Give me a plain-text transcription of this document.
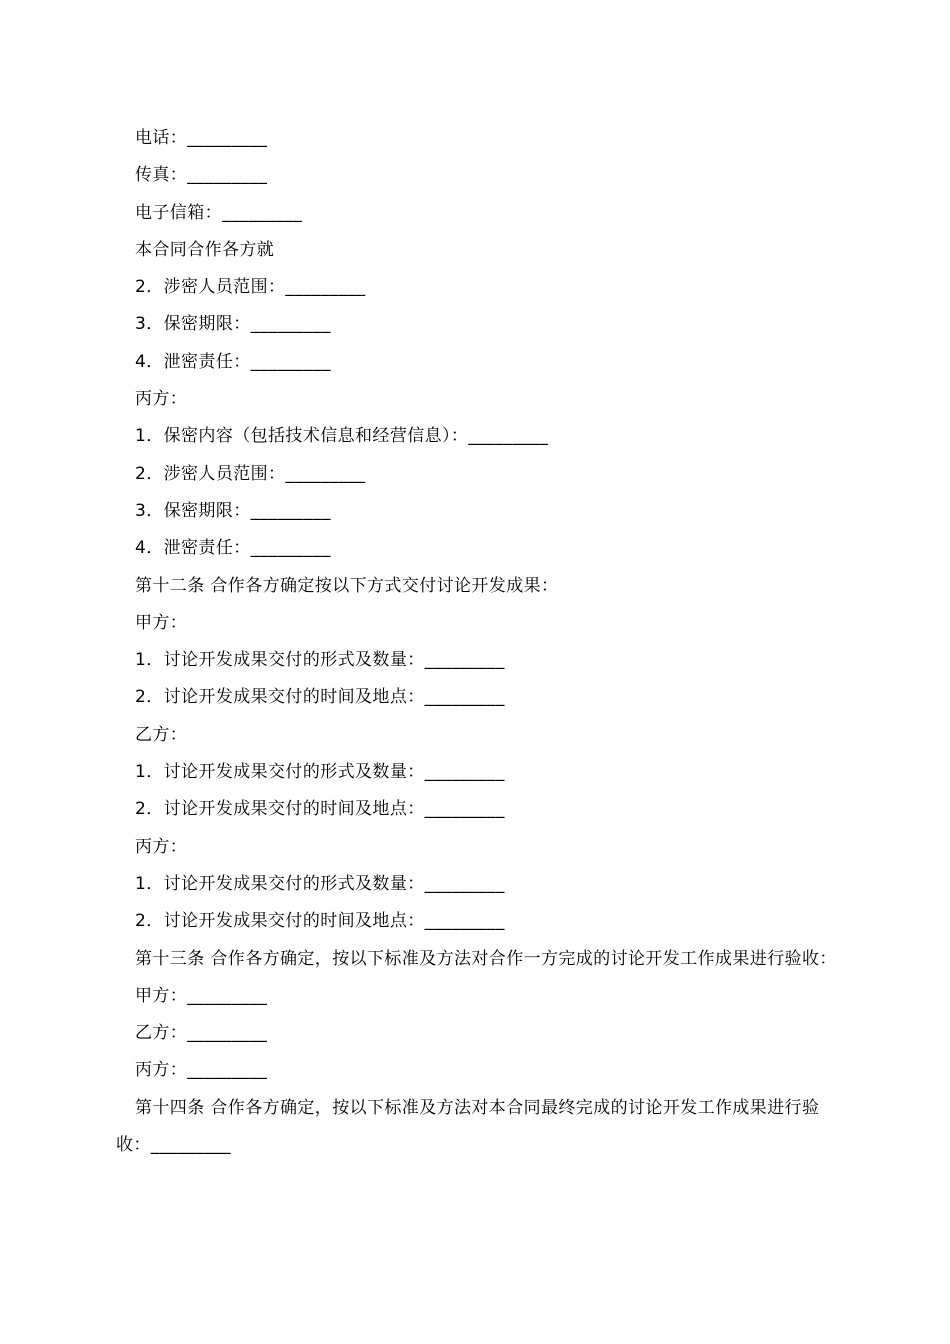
电话：_________
传真：_________
电子信箱：_________
本合同合作各方就
2．涉密人员范围：_________
3．保密期限：_________
4．泄密责任：_________
丙方：
1．保密内容（包括技术信息和经营信息）：_________
2．涉密人员范围：_________
3．保密期限：_________
4．泄密责任：_________
第十二条 合作各方确定按以下方式交付讨论开发成果：
甲方：
1．讨论开发成果交付的形式及数量：_________
2．讨论开发成果交付的时间及地点：_________
乙方：
1．讨论开发成果交付的形式及数量：_________
2．讨论开发成果交付的时间及地点：_________
丙方：
1．讨论开发成果交付的形式及数量：_________
2．讨论开发成果交付的时间及地点：_________
第十三条 合作各方确定，按以下标准及方法对合作一方完成的讨论开发工作成果进行验收：
甲方：_________
乙方：_________
丙方：_________
第十四条 合作各方确定，按以下标准及方法对本合同最终完成的讨论开发工作成果进行验收：_________
